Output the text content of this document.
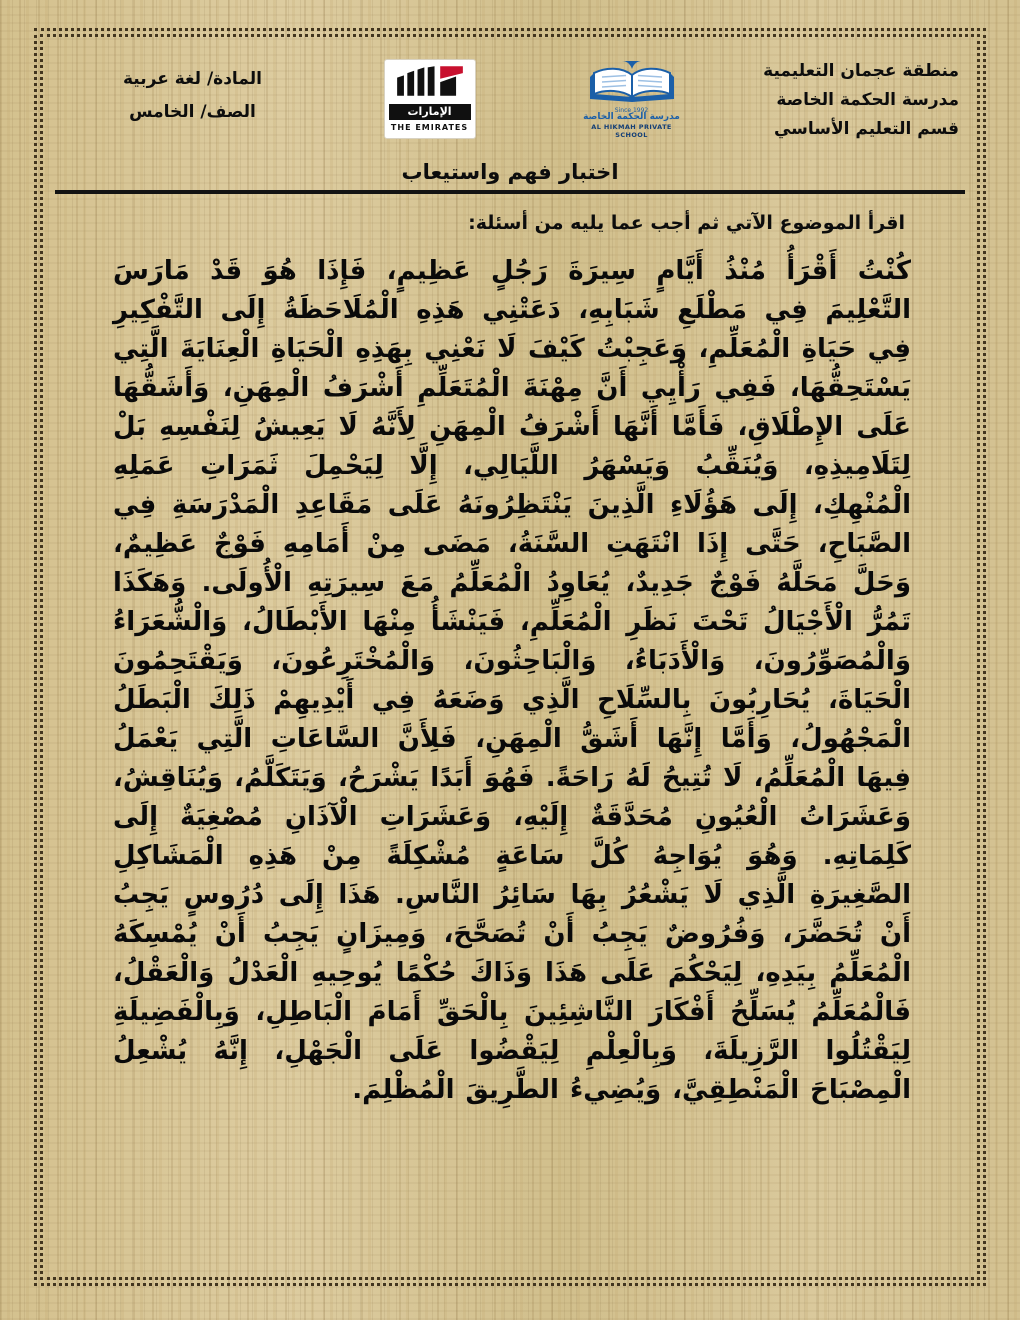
منطقة عجمان التعليمية
مدرسة الحكمة الخاصة
قسم التعليم الأساسي
Since 1992
مدرسة الحكمة الخاصة
AL HIKMAH PRIVATE SCHOOL
الإمارات
THE EMIRATES
المادة/ لغة عربية
الصف/ الخامس
اختبار فهم واستيعاب
اقرأ الموضوع الآتي ثم أجب عما يليه من أسئلة:
كُنْتُ أَقْرَأُ مُنْذُ أَيَّامٍ سِيرَةَ رَجُلٍ عَظِيمٍ، فَإِذَا هُوَ قَدْ مَارَسَ التَّعْلِيمَ فِي مَطْلَعِ شَبَابِهِ، دَعَتْنِي هَذِهِ الْمُلَاحَظَةُ إِلَى التَّفْكِيرِ فِي حَيَاةِ الْمُعَلِّمِ، وَعَجِبْتُ كَيْفَ لَا نَعْنِي بِهَذِهِ الْحَيَاةِ الْعِنَايَةَ الَّتِي يَسْتَحِقُّهَا، فَفِي رَأْيِي أَنَّ مِهْنَةَ الْمُتَعَلِّمِ أَشْرَفُ الْمِهَنِ، وَأَشَقُّهَا عَلَى الإِطْلَاقِ، فَأَمَّا أَنَّهَا أَشْرَفُ الْمِهَنِ لِأَنَّهُ لَا يَعِيشُ لِنَفْسِهِ بَلْ لِتَلَامِيذِهِ، وَيُنَقِّبُ وَيَسْهَرُ اللَّيَالِي، إِلَّا لِيَحْمِلَ ثَمَرَاتِ عَمَلِهِ الْمُنْهِكِ، إِلَى هَؤُلَاءِ الَّذِينَ يَنْتَظِرُونَهُ عَلَى مَقَاعِدِ الْمَدْرَسَةِ فِي الصَّبَاحِ، حَتَّى إِذَا انْتَهَتِ السَّنَةُ، مَضَى مِنْ أَمَامِهِ فَوْجٌ عَظِيمٌ، وَحَلَّ مَحَلَّهُ فَوْجٌ جَدِيدٌ، يُعَاوِدُ الْمُعَلِّمُ مَعَ سِيرَتِهِ الْأُولَى. وَهَكَذَا تَمُرُّ الْأَجْيَالُ تَحْتَ نَظَرِ الْمُعَلِّمِ، فَيَنْشَأُ مِنْهَا الأَبْطَالُ، وَالْشُّعَرَاءُ وَالْمُصَوِّرُونَ، وَالْأَدَبَاءُ، وَالْبَاحِثُونَ، وَالْمُخْتَرِعُونَ، وَيَقْتَحِمُونَ الْحَيَاةَ، يُحَارِبُونَ بِالسِّلَاحِ الَّذِي وَضَعَهُ فِي أَيْدِيهِمْ ذَلِكَ الْبَطَلُ الْمَجْهُولُ، وَأَمَّا إِنَّهَا أَشَقُّ الْمِهَنِ، فَلِأَنَّ السَّاعَاتِ الَّتِي يَعْمَلُ فِيهَا الْمُعَلِّمُ، لَا تُتِيحُ لَهُ رَاحَةً. فَهُوَ أَبَدًا يَشْرَحُ، وَيَتَكَلَّمُ، وَيُنَاقِشُ، وَعَشَرَاتُ الْعُيُونِ مُحَدَّقَةٌ إِلَيْهِ، وَعَشَرَاتِ الْآذَانِ مُصْغِيَةٌ إِلَى كَلِمَاتِهِ. وَهُوَ يُوَاجِهُ كُلَّ سَاعَةٍ مُشْكِلَةً مِنْ هَذِهِ الْمَشَاكِلِ الصَّغِيرَةِ الَّذِي لَا يَشْعُرُ بِهَا سَائِرُ النَّاسِ. هَذَا إِلَى دُرُوسٍ يَجِبُ أَنْ تُحَضَّرَ، وَفُرُوضٌ يَجِبُ أَنْ تُصَحَّحَ، وَمِيزَانٍ يَجِبُ أَنْ يُمْسِكَهُ الْمُعَلِّمُ بِيَدِهِ، لِيَحْكُمَ عَلَى هَذَا وَذَاكَ حُكْمًا يُوحِيهِ الْعَدْلُ وَالْعَقْلُ، فَالْمُعَلِّمُ يُسَلِّحُ أَفْكَارَ النَّاشِئِينَ بِالْحَقِّ أَمَامَ الْبَاطِلِ، وَبِالْفَضِيلَةِ لِيَقْتُلُوا الرَّزِيلَةَ، وَبِالْعِلْمِ لِيَقْضُوا عَلَى الْجَهْلِ، إِنَّهُ يُشْعِلُ الْمِصْبَاحَ الْمَنْطِقِيَّ، وَيُضِيءُ الطَّرِيقَ الْمُظْلِمَ.
